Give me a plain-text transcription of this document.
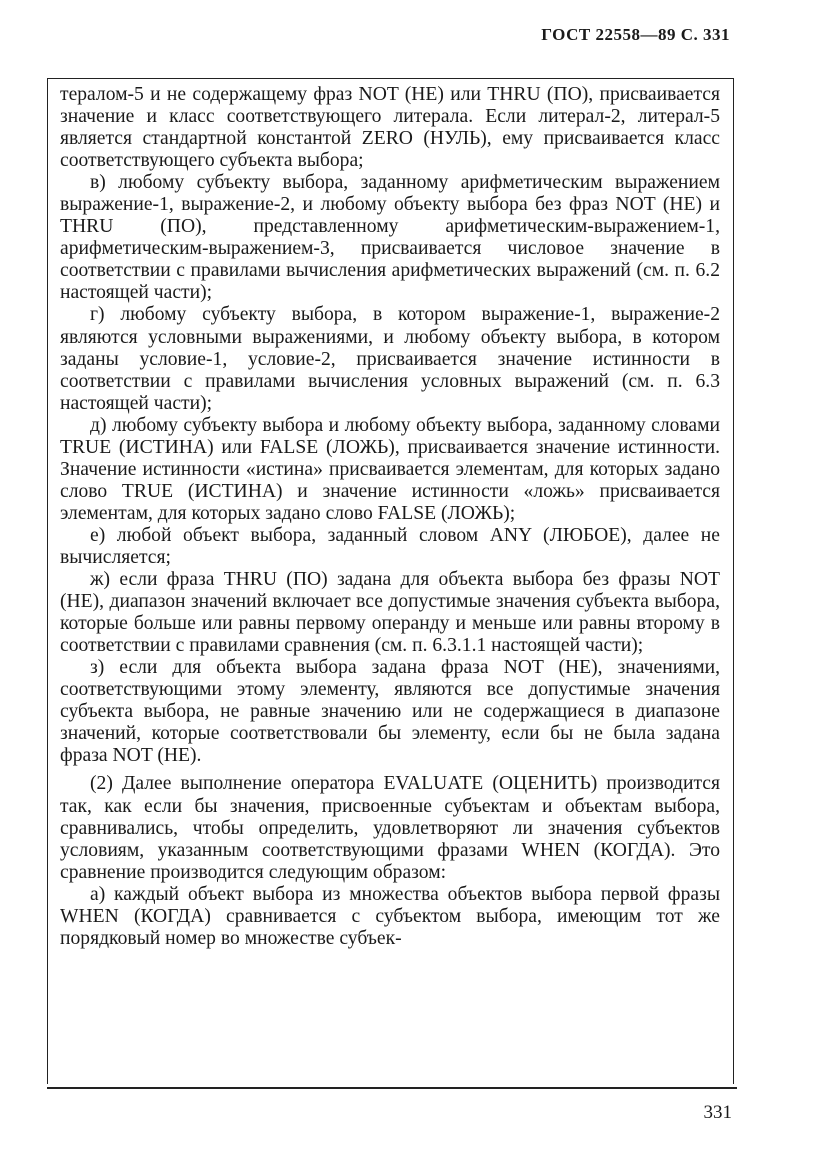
ГОСТ 22558—89 С. 331

тералом-5 и не содержащему фраз NOT (НЕ) или THRU (ПО), присваивается значение и класс соответствующего литерала. Если литерал-2, литерал-5 является стандартной константой ZERO (НУЛЬ), ему присваивается класс соответствующего субъекта выбора;

в) любому субъекту выбора, заданному арифметическим выражением выражение-1, выражение-2, и любому объекту выбора без фраз NOT (НЕ) и THRU (ПО), представленному арифметическим-выражением-1, арифметическим-выражением-3, присваивается числовое значение в соответствии с правилами вычисления арифметических выражений (см. п. 6.2 настоящей части);

г) любому субъекту выбора, в котором выражение-1, выражение-2 являются условными выражениями, и любому объекту выбора, в котором заданы условие-1, условие-2, присваивается значение истинности в соответствии с правилами вычисления условных выражений (см. п. 6.3 настоящей части);

д) любому субъекту выбора и любому объекту выбора, заданному словами TRUE (ИСТИНА) или FALSE (ЛОЖЬ), присваивается значение истинности. Значение истинности «истина» присваивается элементам, для которых задано слово TRUE (ИСТИНА) и значение истинности «ложь» присваивается элементам, для которых задано слово FALSE (ЛОЖЬ);

е) любой объект выбора, заданный словом ANY (ЛЮБОЕ), далее не вычисляется;

ж) если фраза THRU (ПО) задана для объекта выбора без фразы NOT (НЕ), диапазон значений включает все допустимые значения субъекта выбора, которые больше или равны первому операнду и меньше или равны второму в соответствии с правилами сравнения (см. п. 6.3.1.1 настоящей части);

з) если для объекта выбора задана фраза NOT (НЕ), значениями, соответствующими этому элементу, являются все допустимые значения субъекта выбора, не равные значению или не содержащиеся в диапазоне значений, которые соответствовали бы элементу, если бы не была задана фраза NOT (НЕ).

(2) Далее выполнение оператора EVALUATE (ОЦЕНИТЬ) производится так, как если бы значения, присвоенные субъектам и объектам выбора, сравнивались, чтобы определить, удовлетворяют ли значения субъектов условиям, указанным соответствующими фразами WHEN (КОГДА). Это сравнение производится следующим образом:

а) каждый объект выбора из множества объектов выбора первой фразы WHEN (КОГДА) сравнивается с субъектом выбора, имеющим тот же порядковый номер во множестве субъек-

331
